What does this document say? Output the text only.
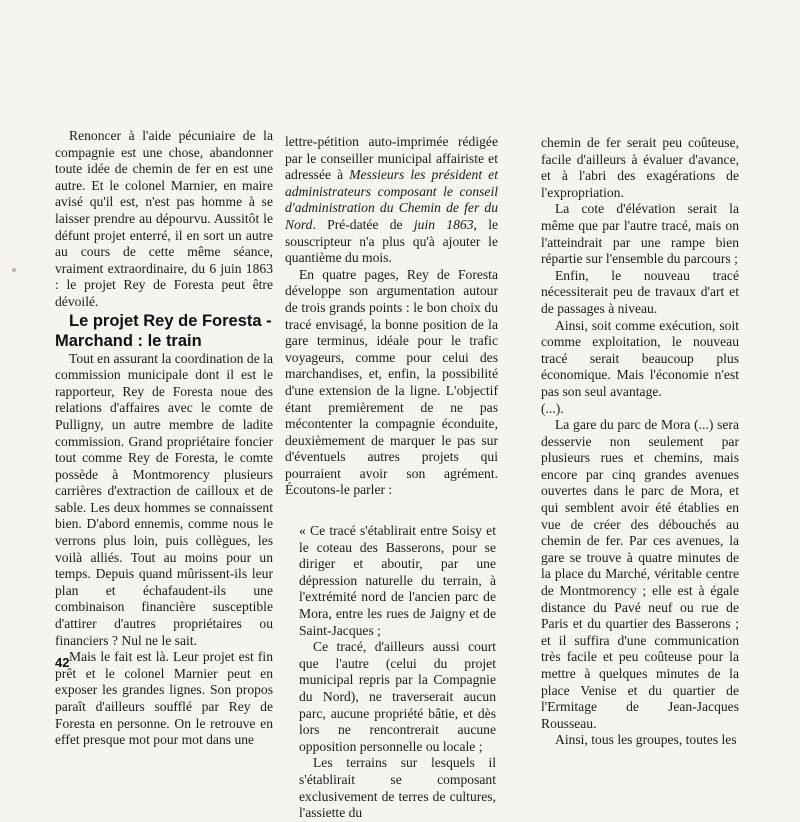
Renoncer à l'aide pécuniaire de la compagnie est une chose, abandonner toute idée de chemin de fer en est une autre. Et le colonel Marnier, en maire avisé qu'il est, n'est pas homme à se laisser prendre au dépourvu. Aussitôt le défunt projet enterré, il en sort un autre au cours de cette même séance, vraiment extraordinaire, du 6 juin 1863 : le projet Rey de Foresta peut être dévoilé.

Le projet Rey de Foresta - Marchand : le train

Tout en assurant la coordination de la commission municipale dont il est le rapporteur, Rey de Foresta noue des relations d'affaires avec le comte de Pulligny, un autre membre de ladite commission. Grand propriétaire foncier tout comme Rey de Foresta, le comte possède à Montmorency plusieurs carrières d'extraction de cailloux et de sable. Les deux hommes se connaissent bien. D'abord ennemis, comme nous le verrons plus loin, puis collègues, les voilà alliés. Tout au moins pour un temps. Depuis quand mûrissent-ils leur plan et échafaudent-ils une combinaison financière susceptible d'attirer d'autres propriétaires ou financiers ? Nul ne le sait.

Mais le fait est là. Leur projet est fin prêt et le colonel Marnier peut en exposer les grandes lignes. Son propos paraît d'ailleurs soufflé par Rey de Foresta en personne. On le retrouve en effet presque mot pour mot dans une

lettre-pétition auto-imprimée rédigée par le conseiller municipal affairiste et adressée à Messieurs les président et administrateurs composant le conseil d'administration du Chemin de fer du Nord. Pré-datée de juin 1863, le souscripteur n'a plus qu'à ajouter le quantième du mois.

En quatre pages, Rey de Foresta développe son argumentation autour de trois grands points : le bon choix du tracé envisagé, la bonne position de la gare terminus, idéale pour le trafic voyageurs, comme pour celui des marchandises, et, enfin, la possibilité d'une extension de la ligne. L'objectif étant premièrement de ne pas mécontenter la compagnie éconduite, deuxièmement de marquer le pas sur d'éventuels autres projets qui pourraient avoir son agrément. Écoutons-le parler :

« Ce tracé s'établirait entre Soisy et le coteau des Basserons, pour se diriger et aboutir, par une dépression naturelle du terrain, à l'extrémité nord de l'ancien parc de Mora, entre les rues de Jaigny et de Saint-Jacques ;

Ce tracé, d'ailleurs aussi court que l'autre (celui du projet municipal repris par la Compagnie du Nord), ne traverserait aucun parc, aucune propriété bâtie, et dès lors ne rencontrerait aucune opposition personnelle ou locale ;

Les terrains sur lesquels il s'établirait se composant exclusivement de terres de cultures, l'assiette du

chemin de fer serait peu coûteuse, facile d'ailleurs à évaluer d'avance, et à l'abri des exagérations de l'expropriation.

La cote d'élévation serait la même que par l'autre tracé, mais on l'atteindrait par une rampe bien répartie sur l'ensemble du parcours ;

Enfin, le nouveau tracé nécessiterait peu de travaux d'art et de passages à niveau.

Ainsi, soit comme exécution, soit comme exploitation, le nouveau tracé serait beaucoup plus économique. Mais l'économie n'est pas son seul avantage.

(...).

La gare du parc de Mora (...) sera desservie non seulement par plusieurs rues et chemins, mais encore par cinq grandes avenues ouvertes dans le parc de Mora, et qui semblent avoir été établies en vue de créer des débouchés au chemin de fer. Par ces avenues, la gare se trouve à quatre minutes de la place du Marché, véritable centre de Montmorency ; elle est à égale distance du Pavé neuf ou rue de Paris et du quartier des Basserons ; et il suffira d'une communication très facile et peu coûteuse pour la mettre à quelques minutes de la place Venise et du quartier de l'Ermitage de Jean-Jacques Rousseau.

Ainsi, tous les groupes, toutes les

42
